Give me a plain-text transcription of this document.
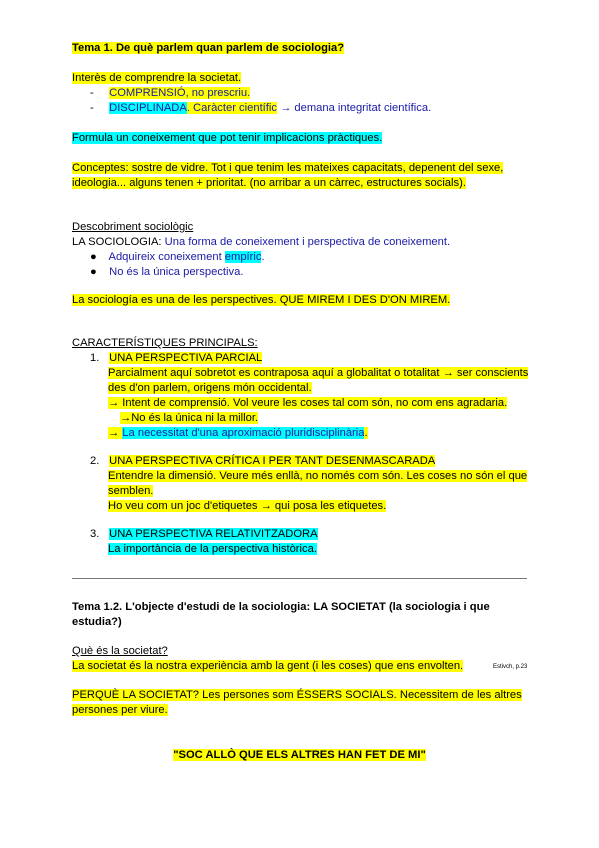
Tema 1. De què parlem quan parlem de sociologia?
Interès de comprendre la societat.
- COMPRENSIÓ, no prescriu.
- DISCIPLINADA. Caràcter científic → demana integritat científica.
Formula un coneixement que pot tenir implicacions pràctiques.
Conceptes: sostre de vidre. Tot i que tenim les mateixes capacitats, depenent del sexe,
ideologia... alguns tenen + prioritat. (no arribar a un càrrec, estructures socials).
Descobriment sociològic
LA SOCIOLOGIA: Una forma de coneixement i perspectiva de coneixement.
● Adquireix coneixement empíric.
● No és la única perspectiva.
La sociología es una de les perspectives. QUE MIREM I DES D'ON MIREM.
CARACTERÍSTIQUES PRINCIPALS:
1. UNA PERSPECTIVA PARCIAL
Parcialment aquí sobretot es contraposa aquí a globalitat o totalitat → ser conscients
des d'on parlem, origens món occidental.
→ Intent de comprensió. Vol veure les coses tal com són, no com ens agradaria.
→No és la única ni la millor.
→ La necessitat d'una aproximació pluridisciplinària.
2. UNA PERSPECTIVA CRÍTICA I PER TANT DESENMASCARADA
Entendre la dimensió. Veure més enllà, no només com són. Les coses no són el que
semblen.
Ho veu com un joc d'etiquetes → qui posa les etiquetes.
3. UNA PERSPECTIVA RELATIVITZADORA
La importància de la perspectiva històrica.
Tema 1.2. L'objecte d'estudi de la sociologia: LA SOCIETAT (la sociologia i que
estudia?)
Què és la societat?
La societat és la nostra experiència amb la gent (i les coses) que ens envolten.	Estivch, p.23
PERQUÈ LA SOCIETAT? Les persones som ÉSSERS SOCIALS. Necessitem de les altres
persones per viure.
"SOC ALLÒ QUE ELS ALTRES HAN FET DE MI"
